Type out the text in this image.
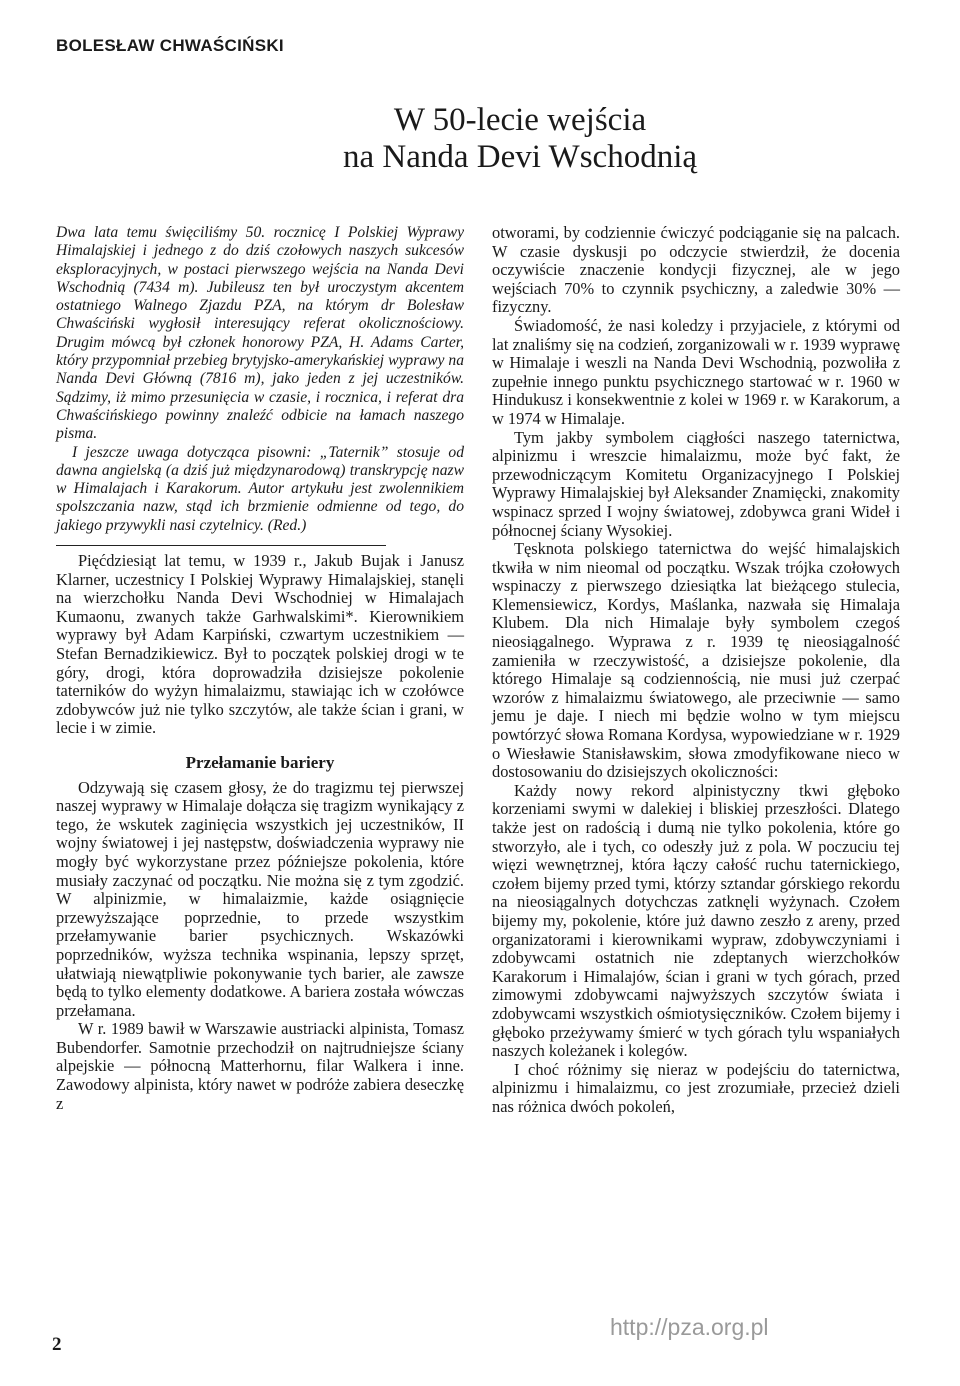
BOLESŁAW CHWAŚCIŃSKI
W 50-lecie wejścia
na Nanda Devi Wschodnią

Dwa lata temu święciliśmy 50. rocznicę I Polskiej Wyprawy Himalajskiej i jednego z do dziś czołowych naszych sukcesów eksploracyjnych, w postaci pierwszego wejścia na Nanda Devi Wschodnią (7434 m). Jubileusz ten był uroczystym akcentem ostatniego Walnego Zjazdu PZA, na którym dr Bolesław Chwaściński wygłosił interesujący referat okolicznościowy. Drugim mówcą był członek honorowy PZA, H. Adams Carter, który przypomniał przebieg brytyjsko-amerykańskiej wyprawy na Nanda Devi Główną (7816 m), jako jeden z jej uczestników. Sądzimy, iż mimo przesunięcia w czasie, i rocznica, i referat dra Chwaścińskiego powinny znaleźć odbicie na łamach naszego pisma.

I jeszcze uwaga dotycząca pisowni: „Taternik” stosuje od dawna angielską (a dziś już międzynarodową) transkrypcję nazw w Himalajach i Karakorum. Autor artykułu jest zwolennikiem spolszczania nazw, stąd ich brzmienie odmienne od tego, do jakiego przywykli nasi czytelnicy. (Red.)

Pięćdziesiąt lat temu, w 1939 r., Jakub Bujak i Janusz Klarner, uczestnicy I Polskiej Wyprawy Himalajskiej, stanęli na wierzchołku Nanda Devi Wschodniej w Himalajach Kumaonu, zwanych także Garhwalskimi*. Kierownikiem wyprawy był Adam Karpiński, czwartym uczestnikiem — Stefan Bernadzikiewicz. Był to początek polskiej drogi w te góry, drogi, która doprowadziła dzisiejsze pokolenie taterników do wyżyn himalaizmu, stawiając ich w czołówce zdobywców już nie tylko szczytów, ale także ścian i grani, w lecie i w zimie.

Przełamanie bariery

Odzywają się czasem głosy, że do tragizmu tej pierwszej naszej wyprawy w Himalaje dołącza się tragizm wynikający z tego, że wskutek zaginięcia wszystkich jej uczestników, II wojny światowej i jej następstw, doświadczenia wyprawy nie mogły być wykorzystane przez późniejsze pokolenia, które musiały zaczynać od początku. Nie można się z tym zgodzić. W alpinizmie, w himalaizmie, każde osiągnięcie przewyższające poprzednie, to przede wszystkim przełamywanie barier psychicznych. Wskazówki poprzedników, wyższa technika wspinania, lepszy sprzęt, ułatwiają niewątpliwie pokonywanie tych barier, ale zawsze będą to tylko elementy dodatkowe. A bariera została wówczas przełamana.

W r. 1989 bawił w Warszawie austriacki alpinista, Tomasz Bubendorfer. Samotnie przechodził on najtrudniejsze ściany alpejskie — północną Matterhornu, filar Walkera i inne. Zawodowy alpinista, który nawet w podróże zabiera deseczkę z

otworami, by codziennie ćwiczyć podciąganie się na palcach. W czasie dyskusji po odczycie stwierdził, że docenia oczywiście znaczenie kondycji fizycznej, ale w jego wejściach 70% to czynnik psychiczny, a zaledwie 30% — fizyczny.

Świadomość, że nasi koledzy i przyjaciele, z którymi od lat znaliśmy się na codzień, zorganizowali w r. 1939 wyprawę w Himalaje i weszli na Nanda Devi Wschodnią, pozwoliła z zupełnie innego punktu psychicznego startować w r. 1960 w Hindukusz i konsekwentnie z kolei w 1969 r. w Karakorum, a w 1974 w Himalaje.

Tym jakby symbolem ciągłości naszego taternictwa, alpinizmu i wreszcie himalaizmu, może być fakt, że przewodniczącym Komitetu Organizacyjnego I Polskiej Wyprawy Himalajskiej był Aleksander Znamięcki, znakomity wspinacz sprzed I wojny światowej, zdobywca grani Wideł i północnej ściany Wysokiej.

Tęsknota polskiego taternictwa do wejść himalajskich tkwiła w nim nieomal od początku. Wszak trójka czołowych wspinaczy z pierwszego dziesiątka lat bieżącego stulecia, Klemensiewicz, Kordys, Maślanka, nazwała się Himalaja Klubem. Dla nich Himalaje były symbolem czegoś nieosiągalnego. Wyprawa z r. 1939 tę nieosiągalność zamieniła w rzeczywistość, a dzisiejsze pokolenie, dla którego Himalaje są codziennością, nie musi już czerpać wzorów z himalaizmu światowego, ale przeciwnie — samo jemu je daje. I niech mi będzie wolno w tym miejscu powtórzyć słowa Romana Kordysa, wypowiedziane w r. 1929 o Wiesławie Stanisławskim, słowa zmodyfikowane nieco w dostosowaniu do dzisiejszych okoliczności:

Każdy nowy rekord alpinistyczny tkwi głęboko korzeniami swymi w dalekiej i bliskiej przeszłości. Dlatego także jest on radością i dumą nie tylko pokolenia, które go stworzyło, ale i tych, co odeszły już z pola. W poczuciu tej więzi wewnętrznej, która łączy całość ruchu taternickiego, czołem bijemy przed tymi, którzy sztandar górskiego rekordu na nieosiągalnych dotychczas zatknęli wyżynach. Czołem bijemy my, pokolenie, które już dawno zeszło z areny, przed organizatorami i kierownikami wypraw, zdobywczyniami i zdobywcami ostatnich nie zdeptanych wierzchołków Karakorum i Himalajów, ścian i grani w tych górach, przed zimowymi zdobywcami najwyższych szczytów świata i zdobywcami wszystkich ośmiotysięczników. Czołem bijemy i głęboko przeżywamy śmierć w tych górach tylu wspaniałych naszych koleżanek i kolegów.

I choć różnimy się nieraz w podejściu do taternictwa, alpinizmu i himalaizmu, co jest zrozumiałe, przecież dzieli nas różnica dwóch pokoleń,

2
http://pza.org.pl
